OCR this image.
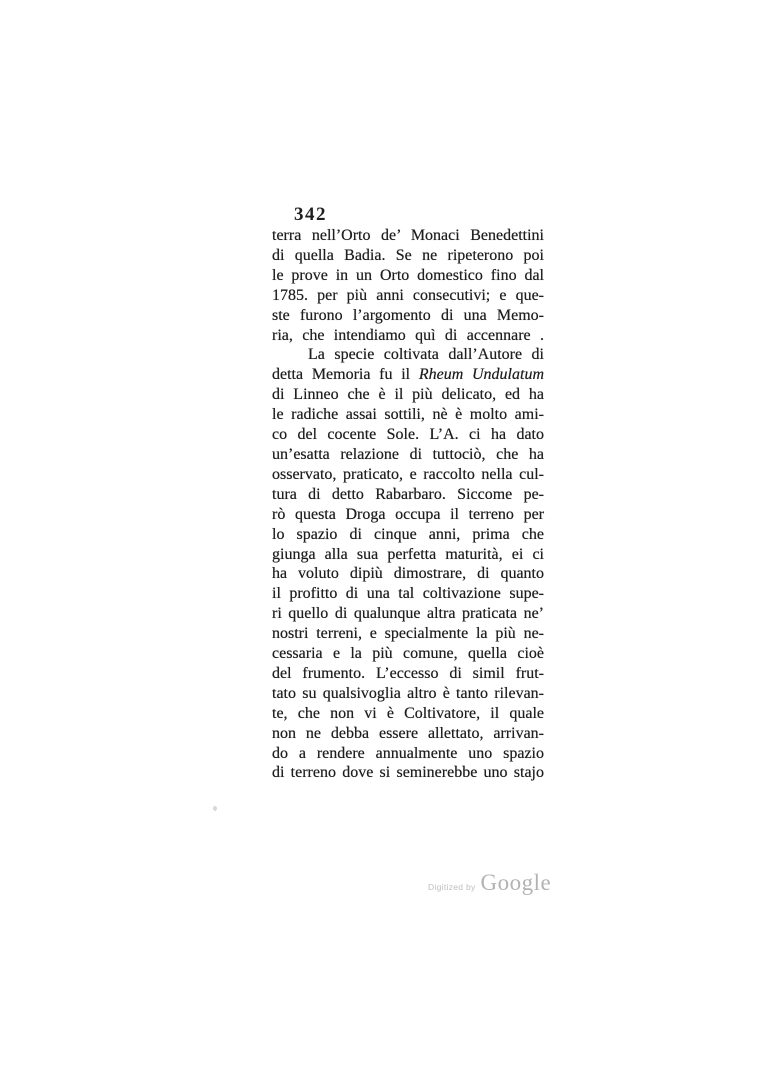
342
terra nell’Orto de’ Monaci Benedettini
di quella Badia. Se ne ripeterono poi
le prove in un Orto domestico fino dal
1785. per più anni consecutivi; e que-
ste furono l’argomento di una Memo-
ria, che intendiamo quì di accennare .
La specie coltivata dall’Autore di
detta Memoria fu il Rheum Undulatum
di Linneo che è il più delicato, ed ha
le radiche assai sottili, nè è molto ami-
co del cocente Sole. L’A. ci ha dato
un’esatta relazione di tuttociò, che ha
osservato, praticato, e raccolto nella cul-
tura di detto Rabarbaro. Siccome pe-
rò questa Droga occupa il terreno per
lo spazio di cinque anni, prima che
giunga alla sua perfetta maturità, ei ci
ha voluto dipiù dimostrare, di quanto
il profitto di una tal coltivazione supe-
ri quello di qualunque altra praticata ne’
nostri terreni, e specialmente la più ne-
cessaria e la più comune, quella cioè
del frumento. L’eccesso di simil frut-
tato su qualsivoglia altro è tanto rilevan-
te, che non vi è Coltivatore, il quale
non ne debba essere allettato, arrivan-
do a rendere annualmente uno spazio
di terreno dove si seminerebbe uno stajo
Digitized by Google
